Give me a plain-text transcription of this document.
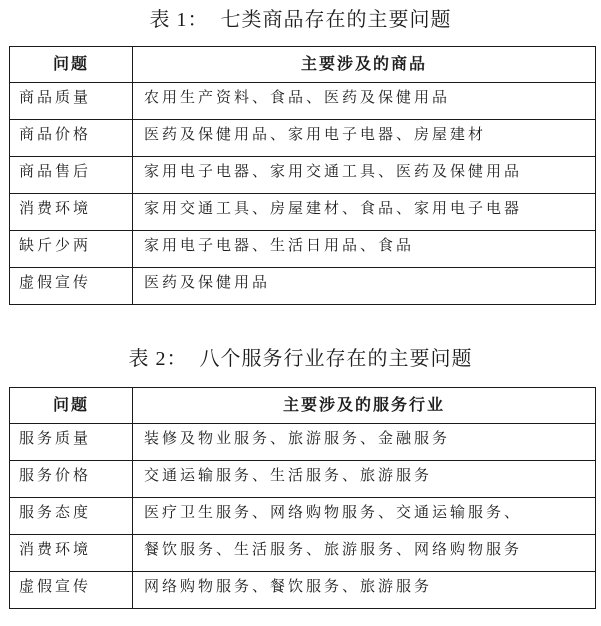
表 1：  七类商品存在的主要问题
问题	主要涉及的商品
商品质量	农用生产资料、食品、医药及保健用品
商品价格	医药及保健用品、家用电子电器、房屋建材
商品售后	家用电子电器、家用交通工具、医药及保健用品
消费环境	家用交通工具、房屋建材、食品、家用电子电器
缺斤少两	家用电子电器、生活日用品、食品
虚假宣传	医药及保健用品
表 2：  八个服务行业存在的主要问题
问题	主要涉及的服务行业
服务质量	装修及物业服务、旅游服务、金融服务
服务价格	交通运输服务、生活服务、旅游服务
服务态度	医疗卫生服务、网络购物服务、交通运输服务、
消费环境	餐饮服务、生活服务、旅游服务、网络购物服务
虚假宣传	网络购物服务、餐饮服务、旅游服务
